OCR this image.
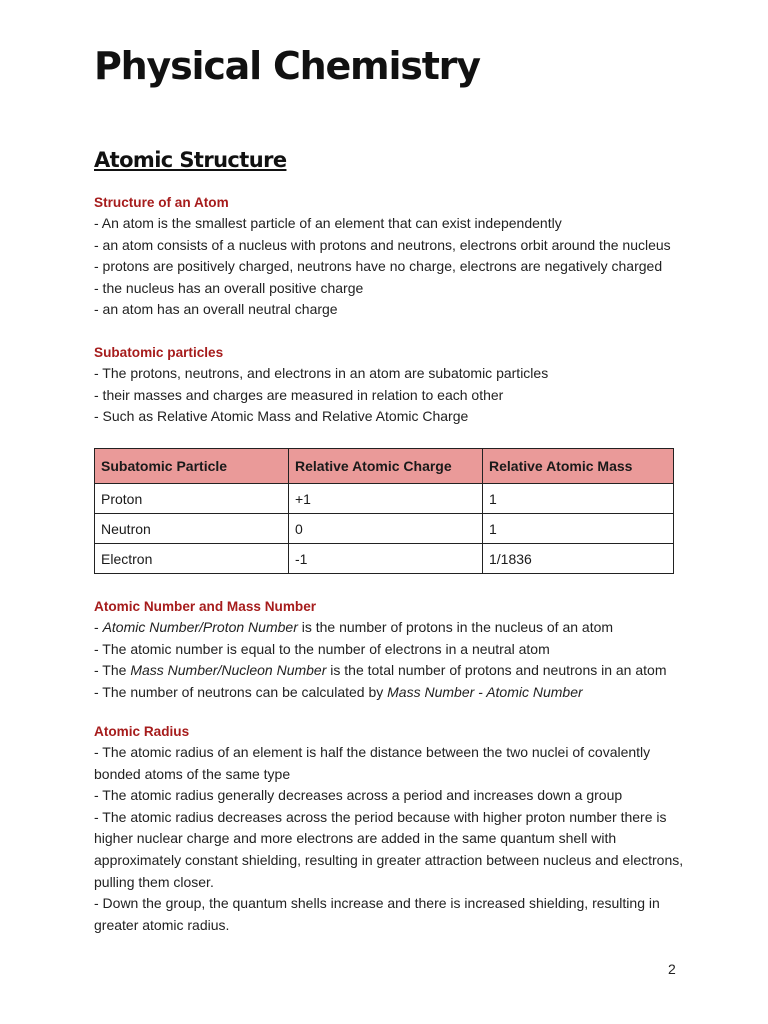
Physical Chemistry
Atomic Structure

Structure of an Atom

- An atom is the smallest particle of an element that can exist independently

- an atom consists of a nucleus with protons and neutrons, electrons orbit around the nucleus

- protons are positively charged, neutrons have no charge, electrons are negatively charged

- the nucleus has an overall positive charge

- an atom has an overall neutral charge

Subatomic particles

- The protons, neutrons, and electrons in an atom are subatomic particles

- their masses and charges are measured in relation to each other

- Such as Relative Atomic Mass and Relative Atomic Charge

Subatomic Particle	Relative Atomic Charge	Relative Atomic Mass
Proton	+1	1
Neutron	0	1
Electron	-1	1/1836

Atomic Number and Mass Number

- Atomic Number/Proton Number is the number of protons in the nucleus of an atom

- The atomic number is equal to the number of electrons in a neutral atom

- The Mass Number/Nucleon Number is the total number of protons and neutrons in an atom

- The number of neutrons can be calculated by Mass Number - Atomic Number

Atomic Radius

- The atomic radius of an element is half the distance between the two nuclei of covalently

bonded atoms of the same type

- The atomic radius generally decreases across a period and increases down a group

- The atomic radius decreases across the period because with higher proton number there is

higher nuclear charge and more electrons are added in the same quantum shell with

approximately constant shielding, resulting in greater attraction between nucleus and electrons,

pulling them closer.

- Down the group, the quantum shells increase and there is increased shielding, resulting in

greater atomic radius.

2
